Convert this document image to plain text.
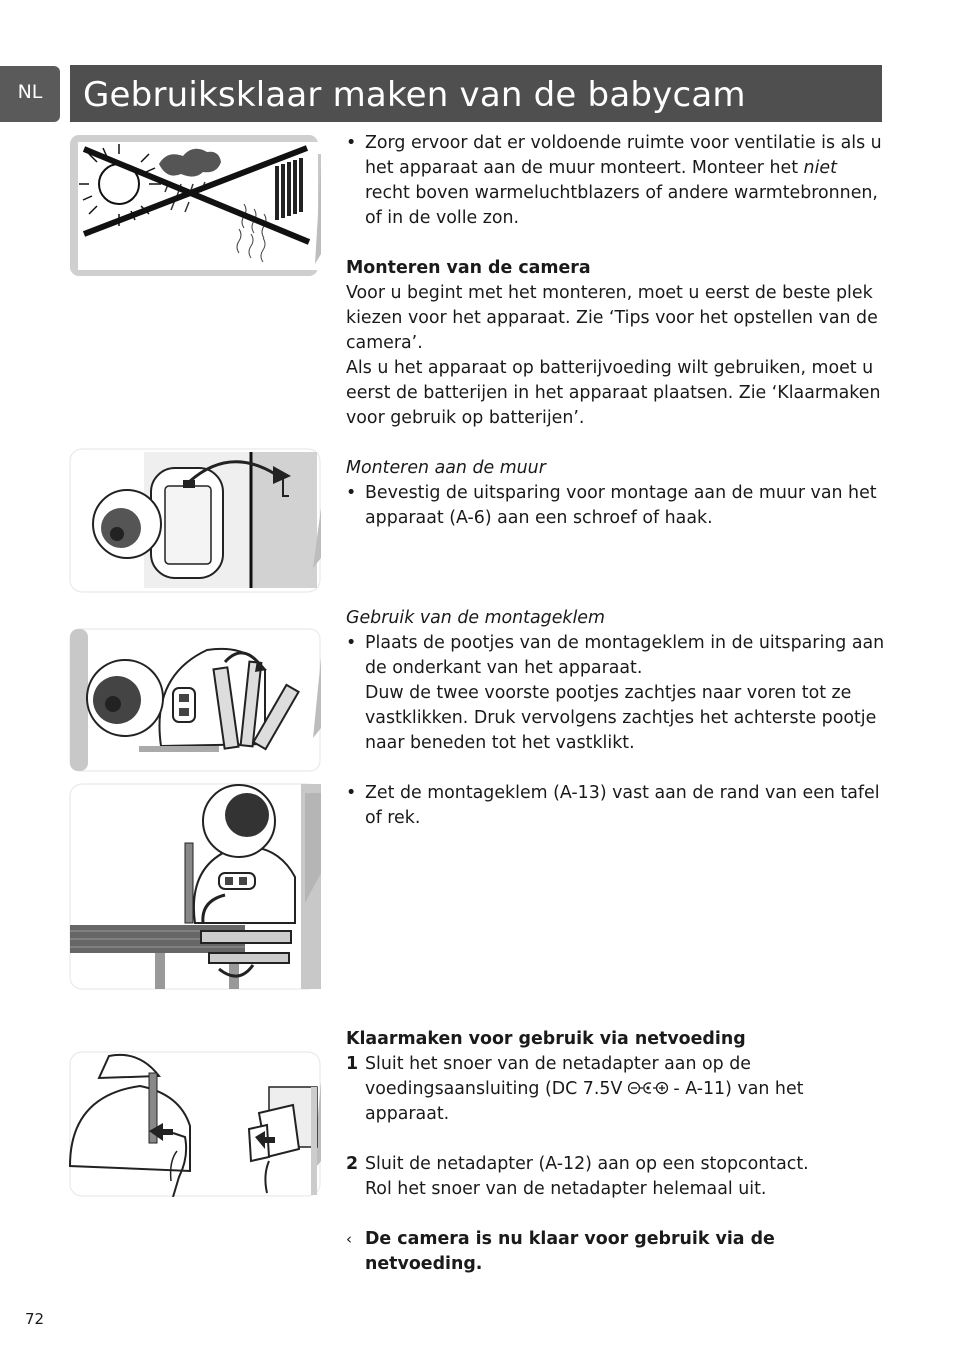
NL	Gebruiksklaar maken van de babycam
• Zorg ervoor dat er voldoende ruimte voor ventilatie is als u het apparaat aan de muur monteert. Monteer het niet recht boven warmeluchtblazers of andere warmtebronnen, of in de volle zon.
Monteren van de camera
Voor u begint met het monteren, moet u eerst de beste plek kiezen voor het apparaat. Zie ‘Tips voor het opstellen van de camera’.
Als u het apparaat op batterijvoeding wilt gebruiken, moet u eerst de batterijen in het apparaat plaatsen. Zie ‘Klaarmaken voor gebruik op batterijen’.
Monteren aan de muur
• Bevestig de uitsparing voor montage aan de muur van het apparaat (A-6) aan een schroef of haak.
Gebruik van de montageklem
• Plaats de pootjes van de montageklem in de uitsparing aan de onderkant van het apparaat.
Duw de twee voorste pootjes zachtjes naar voren tot ze vastklikken. Druk vervolgens zachtjes het achterste pootje naar beneden tot het vastklikt.
• Zet de montageklem (A-13) vast aan de rand van een tafel of rek.
Klaarmaken voor gebruik via netvoeding
1 Sluit het snoer van de netadapter aan op de voedingsaansluiting (DC 7.5V  - A-11) van het apparaat.
2 Sluit de netadapter (A-12) aan op een stopcontact.
Rol het snoer van de netadapter helemaal uit.
‹ De camera is nu klaar voor gebruik via de netvoeding.
72
